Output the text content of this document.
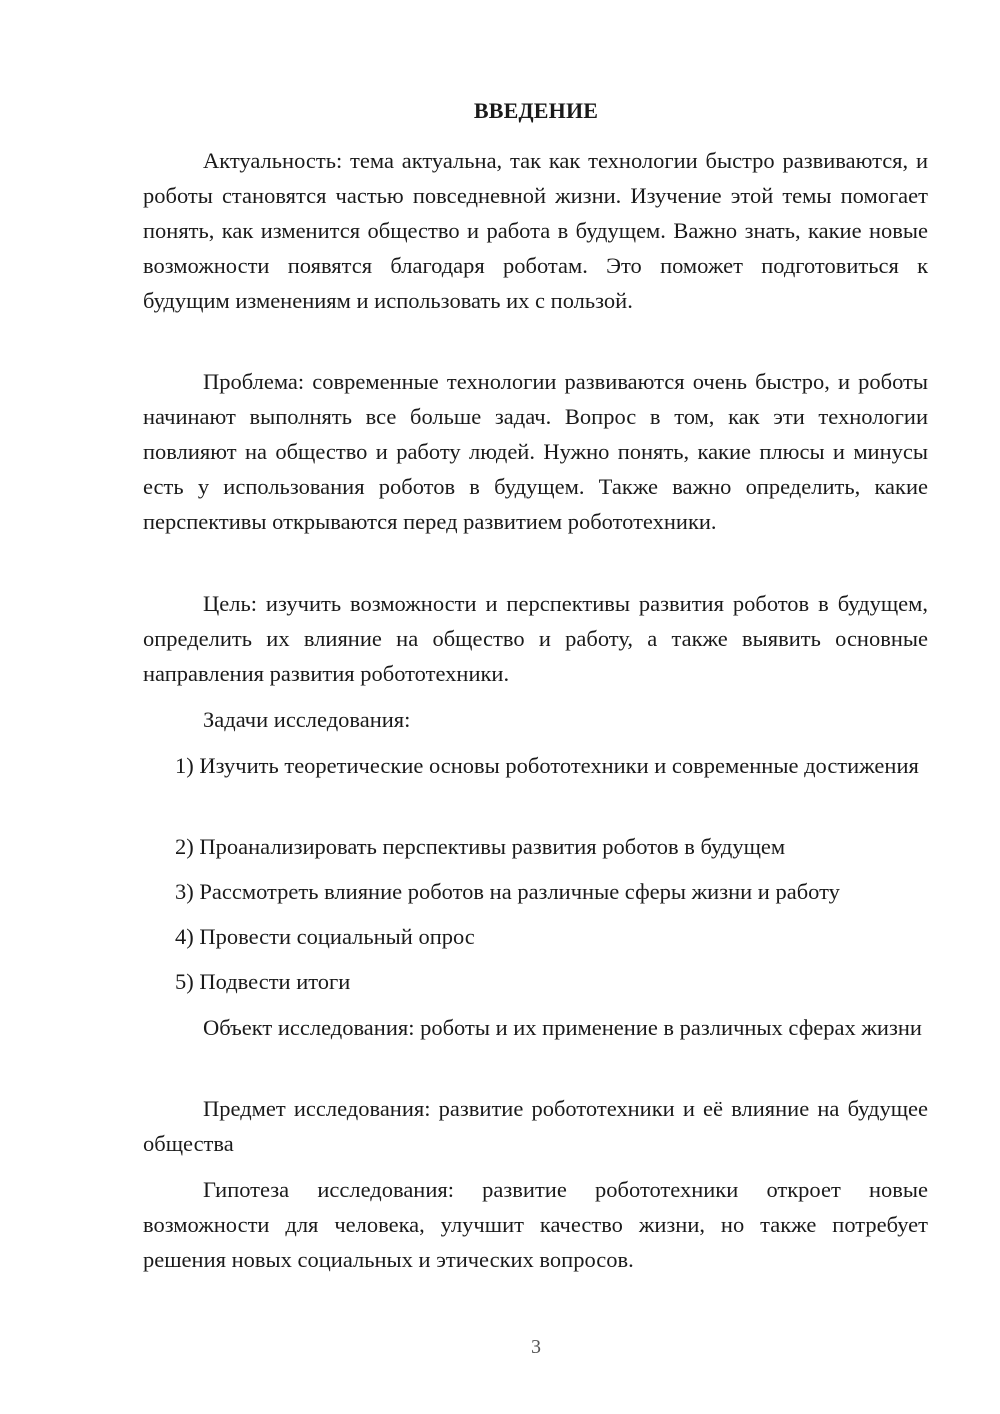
ВВЕДЕНИЕ

Актуальность: тема актуальна, так как технологии быстро развиваются, и роботы становятся частью повседневной жизни. Изучение этой темы помогает понять, как изменится общество и работа в будущем. Важно знать, какие новые возможности появятся благодаря роботам. Это поможет подготовиться к будущим изменениям и использовать их с пользой.

Проблема: современные технологии развиваются очень быстро, и роботы начинают выполнять все больше задач. Вопрос в том, как эти технологии повлияют на общество и работу людей. Нужно понять, какие плюсы и минусы есть у использования роботов в будущем. Также важно определить, какие перспективы открываются перед развитием робототехники.

Цель: изучить возможности и перспективы развития роботов в будущем, определить их влияние на общество и работу, а также выявить основные направления развития робототехники.

Задачи исследования:

1) Изучить теоретические основы робототехники и современные достижения

2) Проанализировать перспективы развития роботов в будущем

3) Рассмотреть влияние роботов на различные сферы жизни и работу

4) Провести социальный опрос

5) Подвести итоги

Объект исследования: роботы и их применение в различных сферах жизни

Предмет исследования: развитие робототехники и её влияние на будущее общества

Гипотеза исследования: развитие робототехники откроет новые возможности для человека, улучшит качество жизни, но также потребует решения новых социальных и этических вопросов.

3
